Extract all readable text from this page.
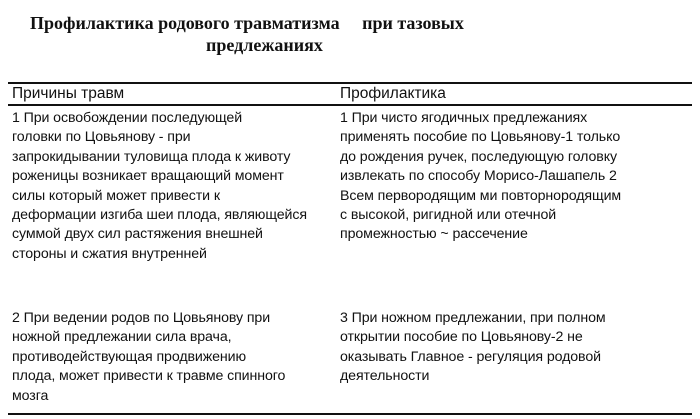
Профилактика родового травматизма     при тазовых
предлежаниях
Причины травм	Профилактика
1 При освобождении последующей
головки по Цовьянову - при
запрокидывании туловища плода к животу
роженицы возникает вращающий момент
силы который может привести к
деформации изгиба шеи плода, являющейся
суммой двух сил растяжения внешней
стороны и сжатия внутренней
1 При чисто ягодичных предлежаниях
применять пособие по Цовьянову-1 только
до рождения ручек, последующую головку
извлекать по способу Морисо-Лашапель 2
Всем первородящим ми повторнородящим
с высокой, ригидной или отечной
промежностью ~ рассечение
2 При ведении родов по Цовьянову при
ножной предлежании сила врача,
противодействующая продвижению
плода, может привести к травме спинного
мозга
3 При ножном предлежании, при полном
открытии пособие по Цовьянову-2 не
оказывать Главное - регуляция родовой
деятельности
